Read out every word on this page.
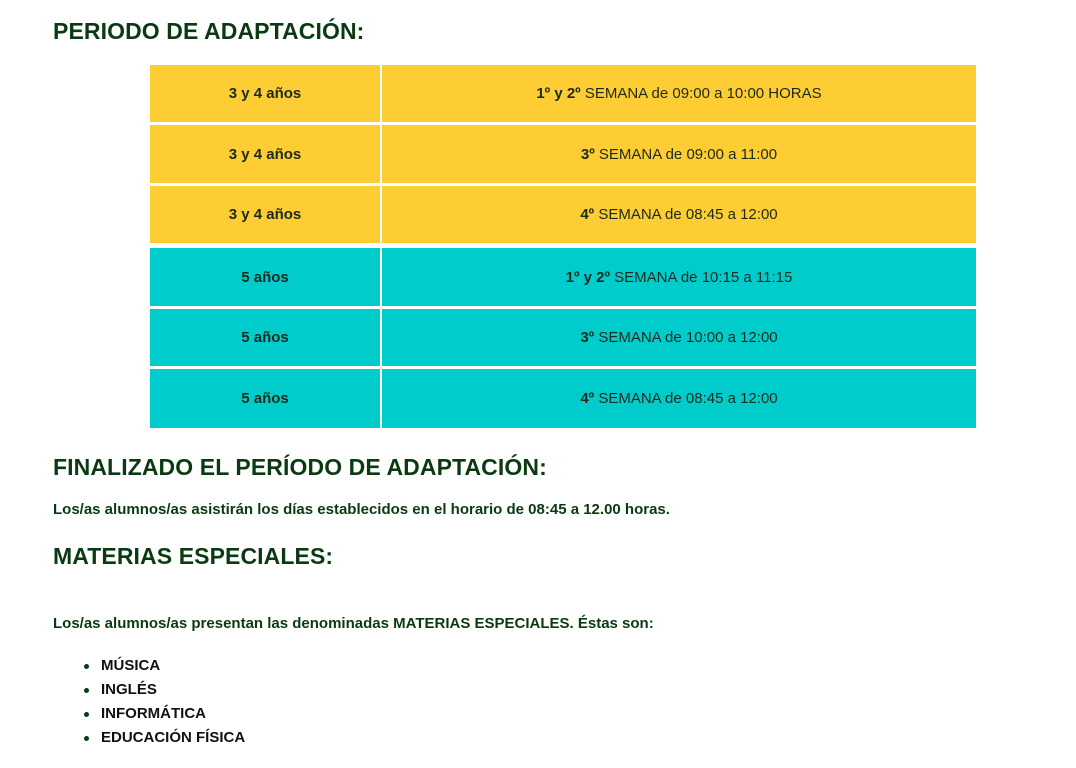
PERIODO DE ADAPTACIÓN:
3 y 4 años	1º y 2º SEMANA de 09:00 a 10:00 HORAS
3 y 4 años	3º SEMANA de 09:00 a 11:00
3 y 4 años	4º SEMANA de 08:45 a 12:00
5 años	1º y 2º SEMANA de 10:15 a 11:15
5 años	3º SEMANA de 10:00 a 12:00
5 años	4º SEMANA de 08:45 a 12:00
FINALIZADO EL PERÍODO DE ADAPTACIÓN:

Los/as alumnos/as asistirán los días establecidos en el horario de 08:45 a 12.00 horas.

MATERIAS ESPECIALES:

Los/as alumnos/as presentan las denominadas MATERIAS ESPECIALES. Éstas son:

MÚSICA
INGLÉS
INFORMÁTICA
EDUCACIÓN FÍSICA
